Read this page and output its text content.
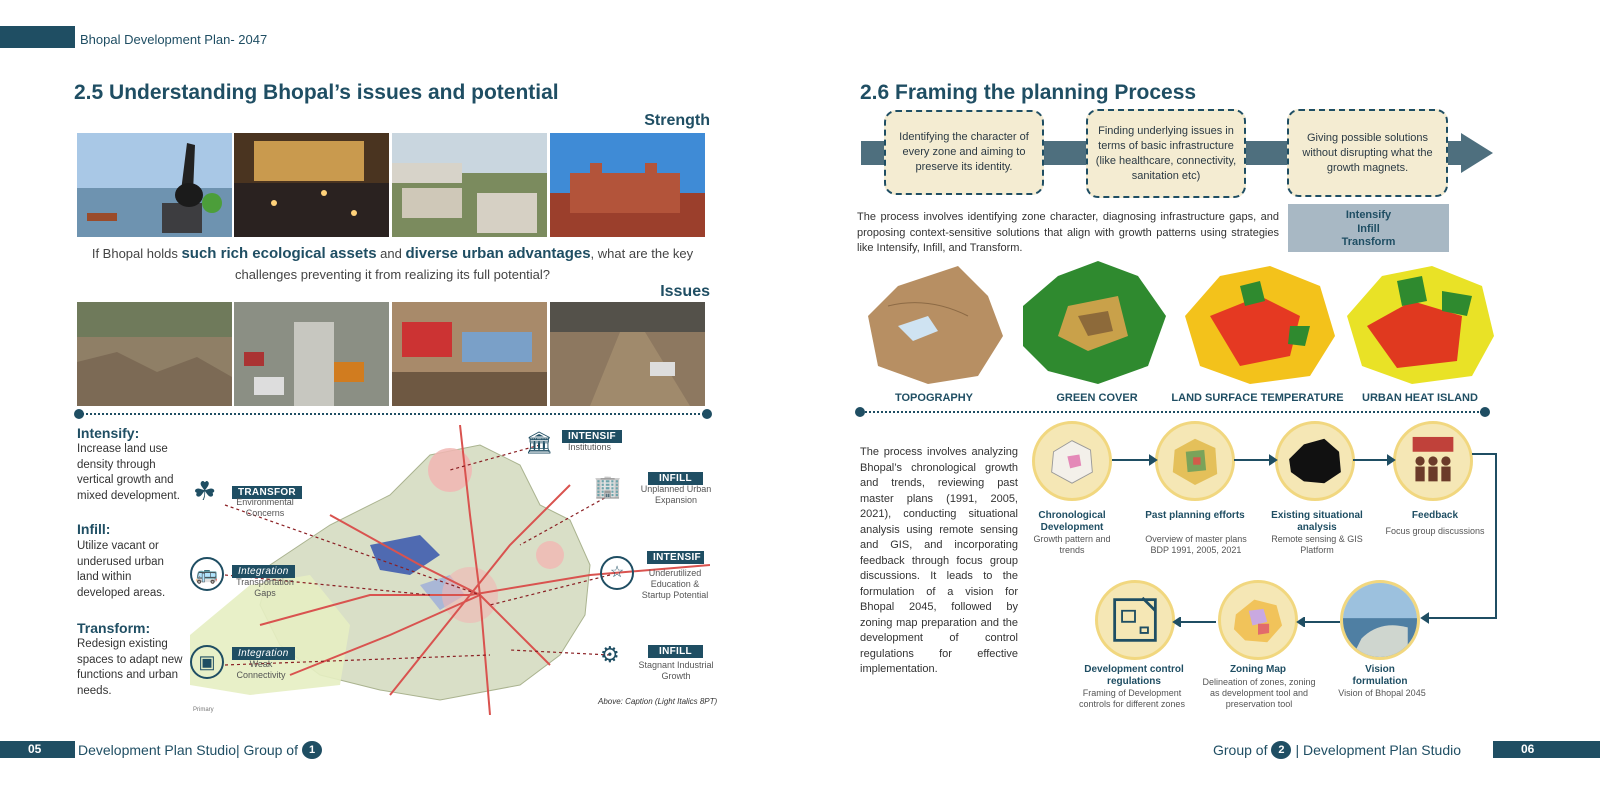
Bhopal Development Plan- 2047
2.5 Understanding Bhopal’s issues and potential
Strength
If Bhopal holds such rich ecological assets and diverse urban advantages, what are the key challenges preventing it from realizing its full potential?
Issues
Intensify:
Increase land use density through vertical growth and mixed development.
Infill:
Utilize vacant or underused urban land within developed areas.
Transform:
Redesign existing spaces to adapt new functions and urban needs.
☘	TRANSFOR
Environmental Concerns
🚌	Integration
Transportation Gaps
▣	Integration
Weak Connectivity
🏛	INTENSIF
Institutions
🏢	INFILL
Unplanned Urban Expansion
☆
INTENSIF
Underutilized Education & Startup Potential
⚙	INFILL
Stagnant Industrial Growth
Above: Caption (Light Italics 8PT)
Primary
2.6 Framing the planning Process
Identifying the character of every zone and aiming to preserve its identity.
Finding underlying issues in terms of basic infrastructure (like healthcare, connectivity, sanitation etc)
Giving possible solutions without disrupting what the growth magnets.
Intensify
Infill
Transform
The process involves identifying zone character, diagnosing infrastructure gaps, and proposing context-sensitive solutions that align with growth patterns using strategies like Intensify, Infill, and Transform.
TOPOGRAPHY	GREEN COVER	LAND SURFACE TEMPERATURE	URBAN HEAT ISLAND
The process involves analyzing Bhopal’s chronological growth and trends, reviewing past master plans (1991, 2005, 2021), conducting situational analysis using remote sensing and GIS, and incorporating feedback through focus group discussions. It leads to the formulation of a vision for Bhopal 2045, followed by zoning map preparation and the development of control regulations for effective implementation.
Chronological Development
Growth pattern and trends
Past planning efforts
Overview of master plans BDP 1991, 2005, 2021
Existing situational analysis
Remote sensing & GIS Platform
Feedback
Focus group discussions
Vision formulation
Vision of Bhopal 2045
Zoning Map
Delineation of zones, zoning as development tool and preservation tool
Development control regulations
Framing of Development controls for different zones
05	Development Plan Studio| Group of 1	Group of 2 | Development Plan Studio	06
